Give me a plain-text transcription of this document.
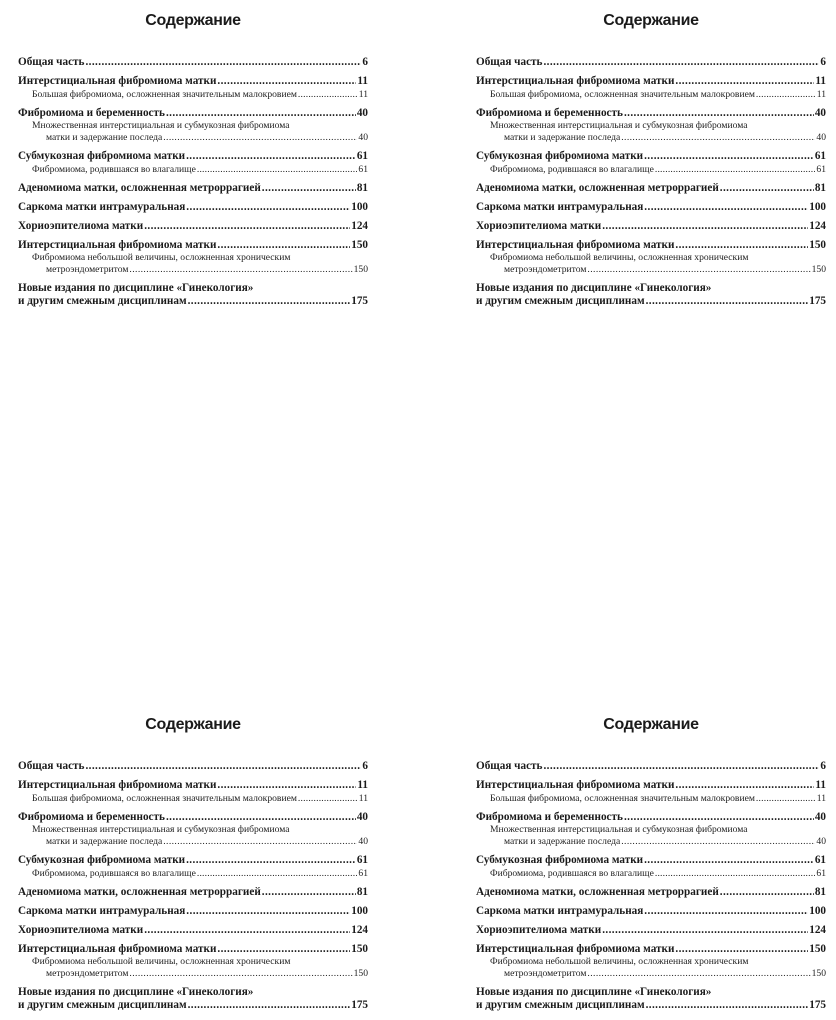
Содержание
Общая часть .....	6
Интерстициальная фибромиома матки .....	11
Большая фибромиома, осложненная значительным малокровием .....	11
Фибромиома и беременность .....	40
Множественная интерстициальная и субмукозная фибромиома
матки и задержание последа .....	40
Субмукозная фибромиома матки .....	61
Фибромиома, родившаяся во влагалище .....	61
Аденомиома матки, осложненная метроррагией .....	81
Саркома матки интрамуральная .....	100
Хориоэпителиома матки .....	124
Интерстициальная фибромиома матки .....	150
Фибромиома небольшой величины, осложненная хроническим
метроэндометритом .....	150
Новые издания по дисциплине «Гинекология»
и другим смежным дисциплинам .....	175
Содержание
Общая часть .....	6
Интерстициальная фибромиома матки .....	11
Большая фибромиома, осложненная значительным малокровием .....	11
Фибромиома и беременность .....	40
Множественная интерстициальная и субмукозная фибромиома
матки и задержание последа .....	40
Субмукозная фибромиома матки .....	61
Фибромиома, родившаяся во влагалище .....	61
Аденомиома матки, осложненная метроррагией .....	81
Саркома матки интрамуральная .....	100
Хориоэпителиома матки .....	124
Интерстициальная фибромиома матки .....	150
Фибромиома небольшой величины, осложненная хроническим
метроэндометритом .....	150
Новые издания по дисциплине «Гинекология»
и другим смежным дисциплинам .....	175
Содержание
Общая часть .....	6
Интерстициальная фибромиома матки .....	11
Большая фибромиома, осложненная значительным малокровием .....	11
Фибромиома и беременность .....	40
Множественная интерстициальная и субмукозная фибромиома
матки и задержание последа .....	40
Субмукозная фибромиома матки .....	61
Фибромиома, родившаяся во влагалище .....	61
Аденомиома матки, осложненная метроррагией .....	81
Саркома матки интрамуральная .....	100
Хориоэпителиома матки .....	124
Интерстициальная фибромиома матки .....	150
Фибромиома небольшой величины, осложненная хроническим
метроэндометритом .....	150
Новые издания по дисциплине «Гинекология»
и другим смежным дисциплинам .....	175
Содержание
Общая часть .....	6
Интерстициальная фибромиома матки .....	11
Большая фибромиома, осложненная значительным малокровием .....	11
Фибромиома и беременность .....	40
Множественная интерстициальная и субмукозная фибромиома
матки и задержание последа .....	40
Субмукозная фибромиома матки .....	61
Фибромиома, родившаяся во влагалище .....	61
Аденомиома матки, осложненная метроррагией .....	81
Саркома матки интрамуральная .....	100
Хориоэпителиома матки .....	124
Интерстициальная фибромиома матки .....	150
Фибромиома небольшой величины, осложненная хроническим
метроэндометритом .....	150
Новые издания по дисциплине «Гинекология»
и другим смежным дисциплинам .....	175
